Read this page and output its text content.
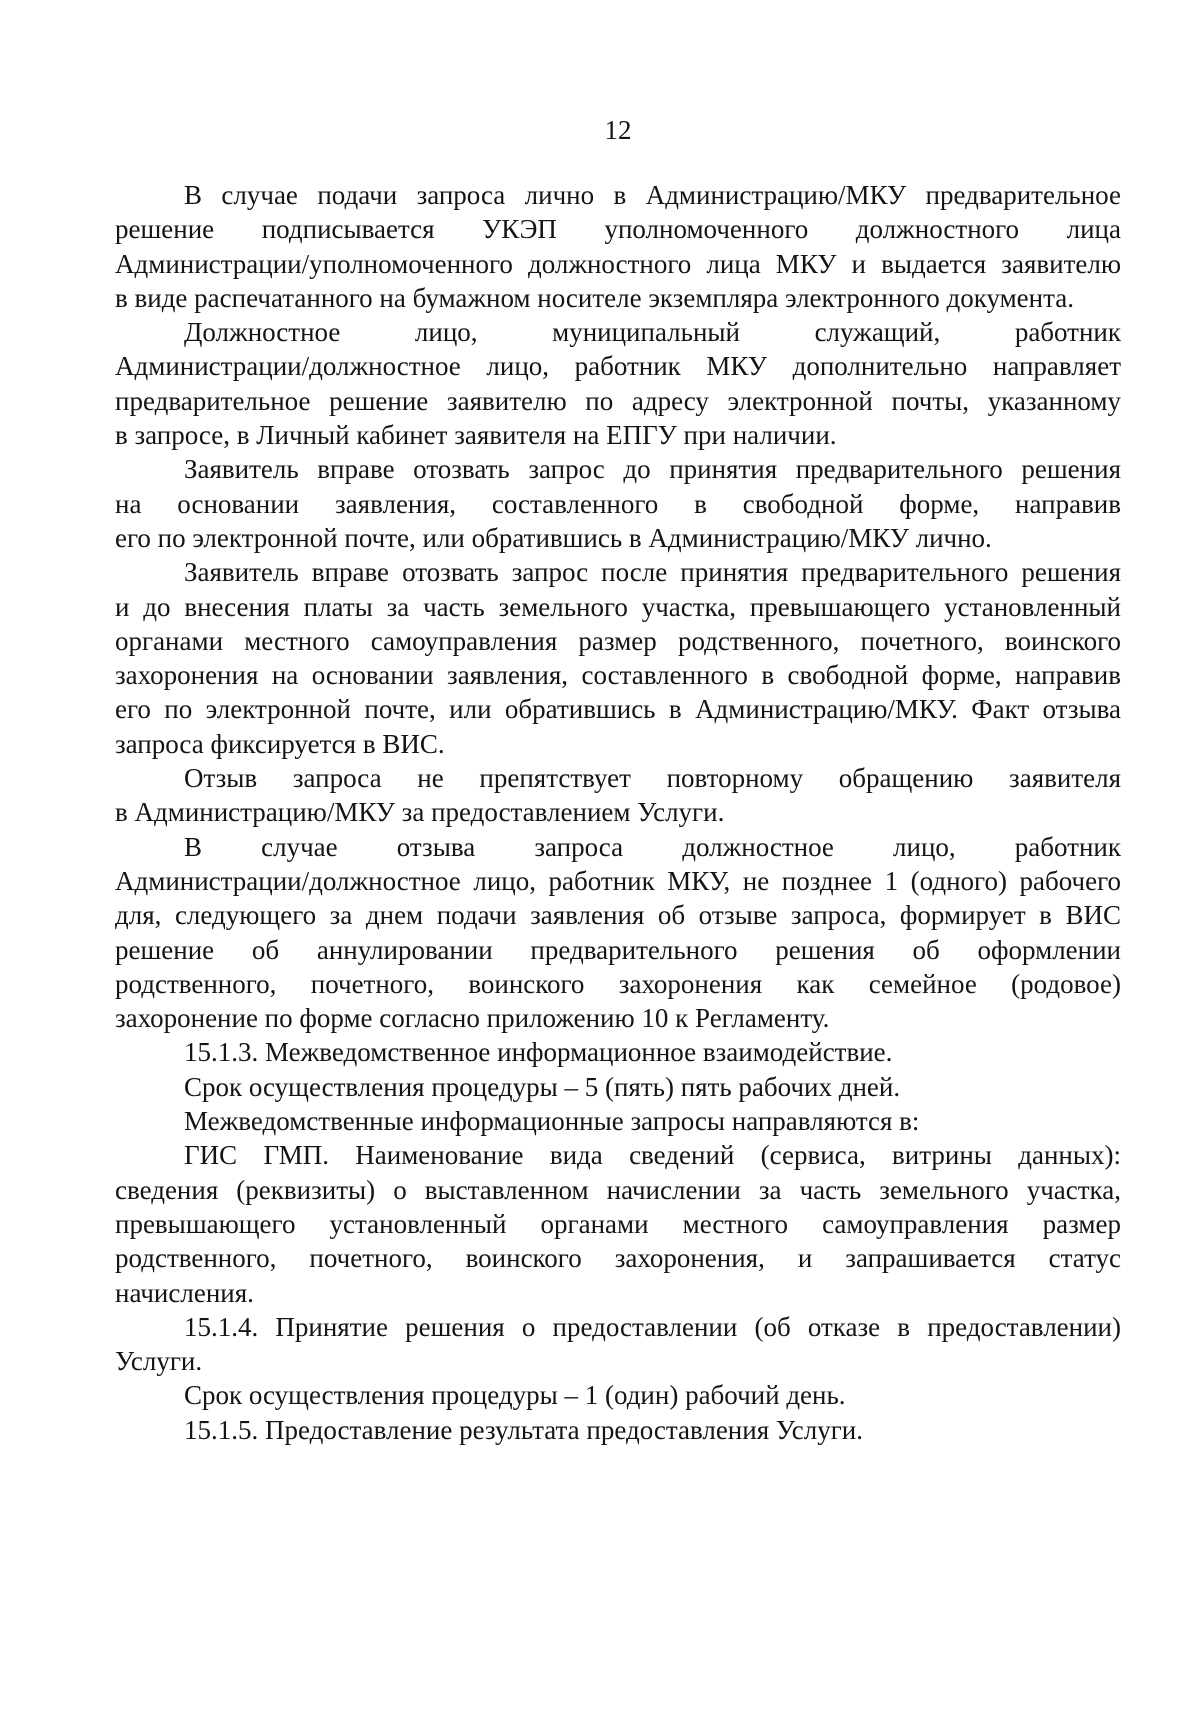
12

В случае подачи запроса лично в Администрацию/МКУ предварительное
решение подписывается УКЭП уполномоченного должностного лица
Администрации/уполномоченного должностного лица МКУ и выдается заявителю
в виде распечатанного на бумажном носителе экземпляра электронного документа.

Должностное лицо, муниципальный служащий, работник
Администрации/должностное лицо, работник МКУ дополнительно направляет
предварительное решение заявителю по адресу электронной почты, указанному
в запросе, в Личный кабинет заявителя на ЕПГУ при наличии.

Заявитель вправе отозвать запрос до принятия предварительного решения
на основании заявления, составленного в свободной форме, направив
его по электронной почте, или обратившись в Администрацию/МКУ лично.

Заявитель вправе отозвать запрос после принятия предварительного решения
и до внесения платы за часть земельного участка, превышающего установленный
органами местного самоуправления размер родственного, почетного, воинского
захоронения на основании заявления, составленного в свободной форме, направив
его по электронной почте, или обратившись в Администрацию/МКУ. Факт отзыва
запроса фиксируется в ВИС.

Отзыв запроса не препятствует повторному обращению заявителя
в Администрацию/МКУ за предоставлением Услуги.

В случае отзыва запроса должностное лицо, работник
Администрации/должностное лицо, работник МКУ, не позднее 1 (одного) рабочего
для, следующего за днем подачи заявления об отзыве запроса, формирует в ВИС
решение об аннулировании предварительного решения об оформлении
родственного, почетного, воинского захоронения как семейное (родовое)
захоронение по форме согласно приложению 10 к Регламенту.

15.1.3. Межведомственное информационное взаимодействие.

Срок осуществления процедуры – 5 (пять) пять рабочих дней.

Межведомственные информационные запросы направляются в:

ГИС ГМП. Наименование вида сведений (сервиса, витрины данных):
сведения (реквизиты) о выставленном начислении за часть земельного участка,
превышающего установленный органами местного самоуправления размер
родственного, почетного, воинского захоронения, и запрашивается статус
начисления.

15.1.4. Принятие решения о предоставлении (об отказе в предоставлении)
Услуги.

Срок осуществления процедуры – 1 (один) рабочий день.

15.1.5. Предоставление результата предоставления Услуги.
